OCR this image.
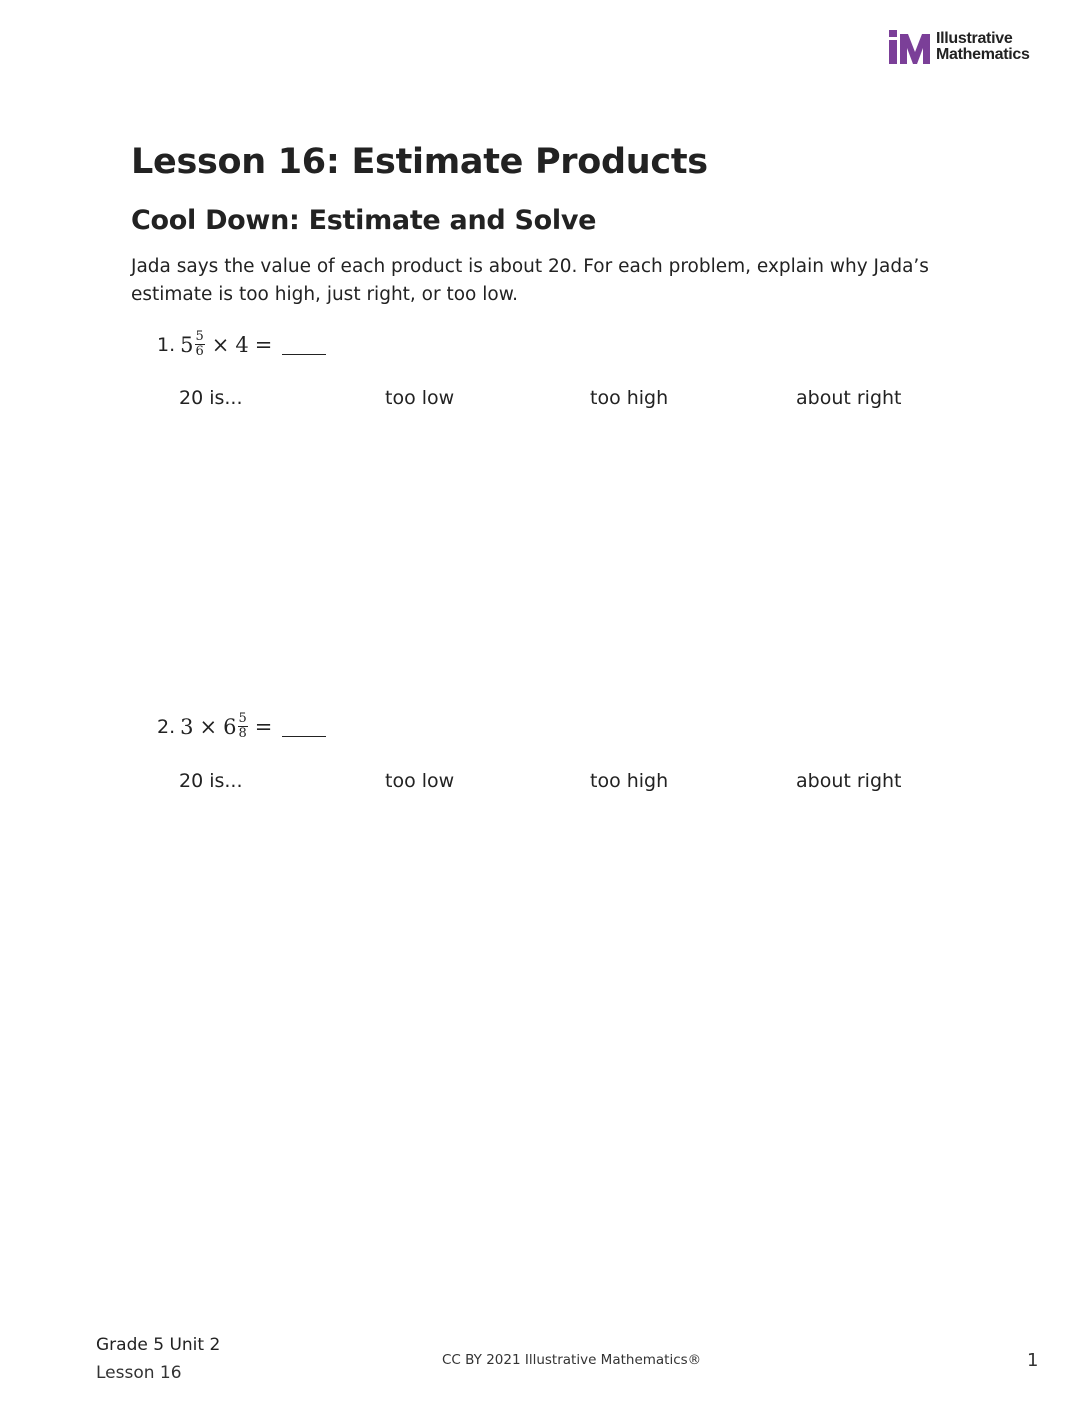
Illustrative
Mathematics
Lesson 16: Estimate Products
Cool Down: Estimate and Solve

Jada says the value of each product is about 20. For each problem, explain why Jada’s estimate is too high, just right, or too low.

1. $5 \frac{5}{6} \times 4$ =
20 is...	too low	too high	about right
2. $3 \times 6 \frac{5}{8}$ =
20 is...	too low	too high	about right
Grade 5 Unit 2
Lesson 16
CC BY 2021 Illustrative Mathematics®	1
